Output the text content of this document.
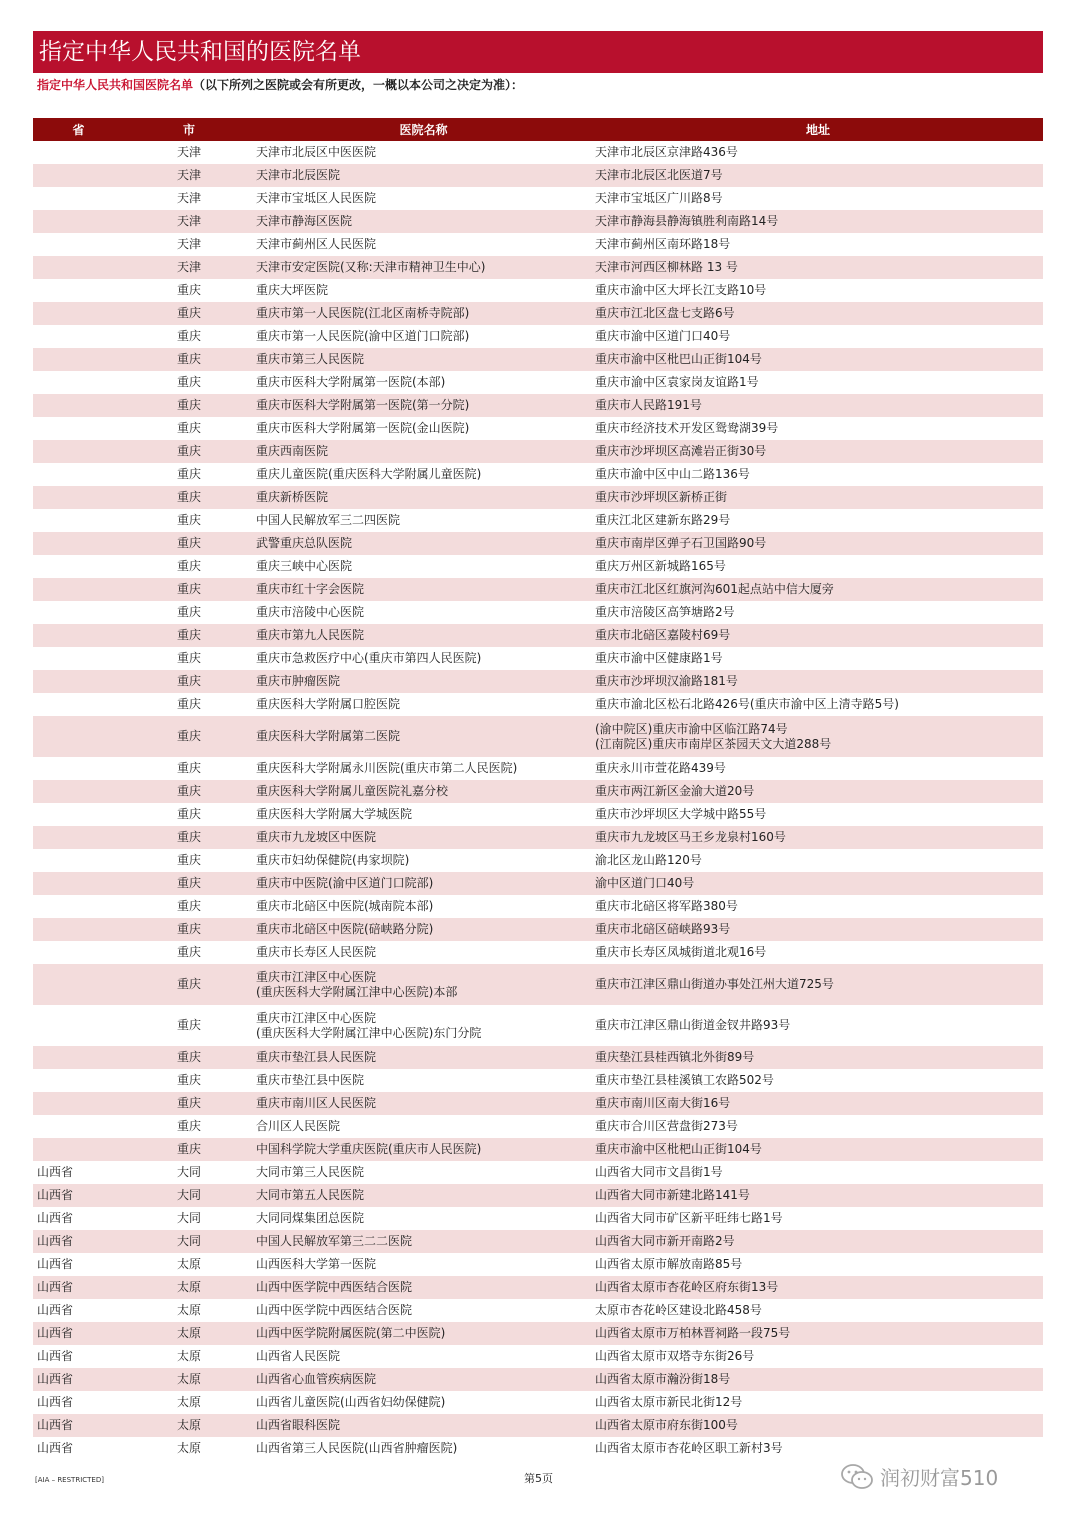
指定中华人民共和国的医院名单
指定中华人民共和国医院名单（以下所列之医院或会有所更改，一概以本公司之决定为准）：
省	市	医院名称	地址
	天津	天津市北辰区中医医院	天津市北辰区京津路436号

	天津	天津市北辰医院	天津市北辰区北医道7号

	天津	天津市宝坻区人民医院	天津市宝坻区广川路8号

	天津	天津市静海区医院	天津市静海县静海镇胜利南路14号

	天津	天津市蓟州区人民医院	天津市蓟州区南环路18号

	天津	天津市安定医院(又称:天津市精神卫生中心)	天津市河西区柳林路 13 号

	重庆	重庆大坪医院	重庆市渝中区大坪长江支路10号

	重庆	重庆市第一人民医院(江北区南桥寺院部)	重庆市江北区盘七支路6号

	重庆	重庆市第一人民医院(渝中区道门口院部)	重庆市渝中区道门口40号

	重庆	重庆市第三人民医院	重庆市渝中区枇巴山正街104号

	重庆	重庆市医科大学附属第一医院(本部)	重庆市渝中区袁家岗友谊路1号

	重庆	重庆市医科大学附属第一医院(第一分院)	重庆市人民路191号

	重庆	重庆市医科大学附属第一医院(金山医院)	重庆市经济技术开发区鸳鸯湖39号

	重庆	重庆西南医院	重庆市沙坪坝区高滩岩正街30号

	重庆	重庆儿童医院(重庆医科大学附属儿童医院)	重庆市渝中区中山二路136号

	重庆	重庆新桥医院	重庆市沙坪坝区新桥正街

	重庆	中国人民解放军三二四医院	重庆江北区建新东路29号

	重庆	武警重庆总队医院	重庆市南岸区弹子石卫国路90号

	重庆	重庆三峡中心医院	重庆万州区新城路165号

	重庆	重庆市红十字会医院	重庆市江北区红旗河沟601起点站中信大厦旁

	重庆	重庆市涪陵中心医院	重庆市涪陵区高笋塘路2号

	重庆	重庆市第九人民医院	重庆市北碚区嘉陵村69号

	重庆	重庆市急救医疗中心(重庆市第四人民医院)	重庆市渝中区健康路1号

	重庆	重庆市肿瘤医院	重庆市沙坪坝汉渝路181号

	重庆	重庆医科大学附属口腔医院	重庆市渝北区松石北路426号(重庆市渝中区上清寺路5号)

	重庆	重庆医科大学附属第二医院	(渝中院区)重庆市渝中区临江路74号
(江南院区)重庆市南岸区茶园天文大道288号

	重庆	重庆医科大学附属永川医院(重庆市第二人民医院)	重庆永川市萱花路439号

	重庆	重庆医科大学附属儿童医院礼嘉分校	重庆市两江新区金渝大道20号

	重庆	重庆医科大学附属大学城医院	重庆市沙坪坝区大学城中路55号

	重庆	重庆市九龙坡区中医院	重庆市九龙坡区马王乡龙泉村160号

	重庆	重庆市妇幼保健院(冉家坝院)	渝北区龙山路120号

	重庆	重庆市中医院(渝中区道门口院部)	渝中区道门口40号

	重庆	重庆市北碚区中医院(城南院本部)	重庆市北碚区将军路380号

	重庆	重庆市北碚区中医院(碚峡路分院)	重庆市北碚区碚峡路93号

	重庆	重庆市长寿区人民医院	重庆市长寿区凤城街道北观16号

	重庆	重庆市江津区中心医院
(重庆医科大学附属江津中心医院)本部	重庆市江津区鼎山街道办事处江州大道725号

	重庆	重庆市江津区中心医院
(重庆医科大学附属江津中心医院)东门分院	重庆市江津区鼎山街道金钗井路93号

	重庆	重庆市垫江县人民医院	重庆垫江县桂西镇北外街89号

	重庆	重庆市垫江县中医院	重庆市垫江县桂溪镇工农路502号

	重庆	重庆市南川区人民医院	重庆市南川区南大街16号

	重庆	合川区人民医院	重庆市合川区营盘街273号

	重庆	中国科学院大学重庆医院(重庆市人民医院)	重庆市渝中区枇杷山正街104号

山西省	大同	大同市第三人民医院	山西省大同市文昌街1号

山西省	大同	大同市第五人民医院	山西省大同市新建北路141号

山西省	大同	大同同煤集团总医院	山西省大同市矿区新平旺纬七路1号

山西省	大同	中国人民解放军第三二二医院	山西省大同市新开南路2号

山西省	太原	山西医科大学第一医院	山西省太原市解放南路85号

山西省	太原	山西中医学院中西医结合医院	山西省太原市杏花岭区府东街13号

山西省	太原	山西中医学院中西医结合医院	太原市杏花岭区建设北路458号

山西省	太原	山西中医学院附属医院(第二中医院)	山西省太原市万柏林晋祠路一段75号

山西省	太原	山西省人民医院	山西省太原市双塔寺东街26号

山西省	太原	山西省心血管疾病医院	山西省太原市瀚汾街18号

山西省	太原	山西省儿童医院(山西省妇幼保健院)	山西省太原市新民北街12号

山西省	太原	山西省眼科医院	山西省太原市府东街100号

山西省	太原	山西省第三人民医院(山西省肿瘤医院)	山西省太原市杏花岭区职工新村3号
[AIA – RESTRICTED]	第5页	润初财富510
